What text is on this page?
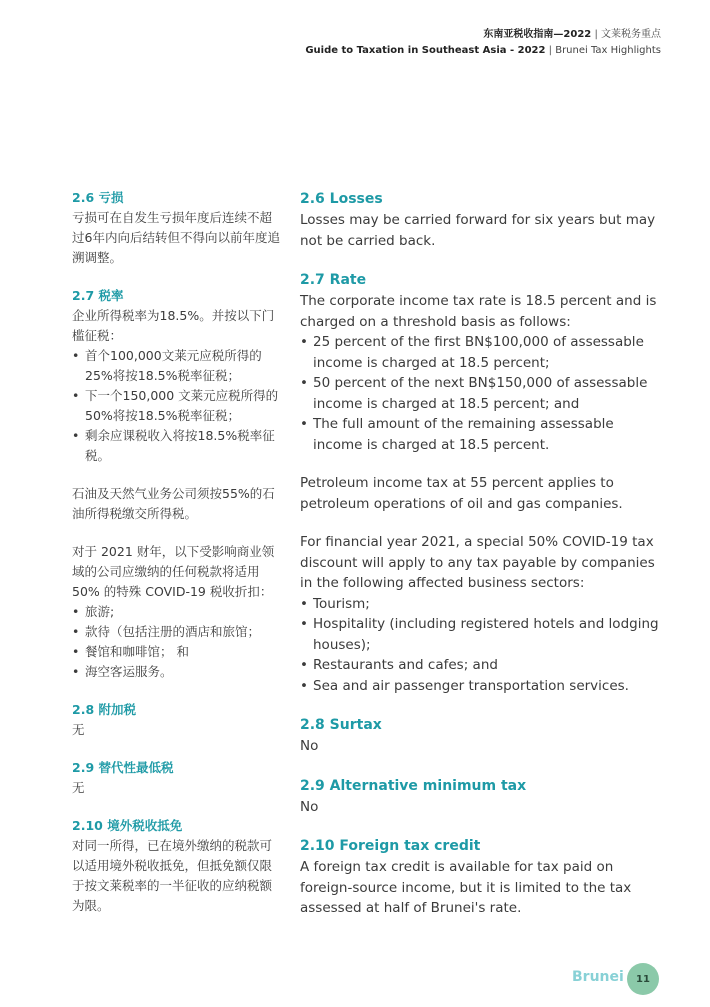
东南亚税收指南—2022 | 文莱税务重点
Guide to Taxation in Southeast Asia - 2022 | Brunei Tax Highlights

2.6 亏损

亏损可在自发生亏损年度后连续不超过6年内向后结转但不得向以前年度追溯调整。

2.7 税率

企业所得税率为18.5%。并按以下门槛征税：

• 首个100,000文莱元应税所得的25%将按18.5%税率征税；
• 下一个150,000 文莱元应税所得的50%将按18.5%税率征税；
• 剩余应课税收入将按18.5%税率征税。

石油及天然气业务公司须按55%的石油所得税缴交所得税。

对于 2021 财年，以下受影响商业领域的公司应缴纳的任何税款将适用 50% 的特殊 COVID-19 税收折扣：

• 旅游;
• 款待（包括注册的酒店和旅馆；
• 餐馆和咖啡馆； 和
• 海空客运服务。

2.8 附加税

无

2.9 替代性最低税

无

2.10 境外税收抵免

对同一所得，已在境外缴纳的税款可以适用境外税收抵免，但抵免额仅限于按文莱税率的一半征收的应纳税额为限。

2.6 Losses

Losses may be carried forward for six years but may not be carried back.

2.7 Rate

The corporate income tax rate is 18.5 percent and is charged on a threshold basis as follows:

• 25 percent of the first BN$100,000 of assessable income is charged at 18.5 percent;
• 50 percent of the next BN$150,000 of assessable income is charged at 18.5 percent; and
• The full amount of the remaining assessable income is charged at 18.5 percent.

Petroleum income tax at 55 percent applies to petroleum operations of oil and gas companies.

For financial year 2021, a special 50% COVID-19 tax discount will apply to any tax payable by companies in the following affected business sectors:

• Tourism;
• Hospitality (including registered hotels and lodging houses);
• Restaurants and cafes; and
• Sea and air passenger transportation services.

2.8 Surtax

No

2.9 Alternative minimum tax

No

2.10 Foreign tax credit

A foreign tax credit is available for tax paid on foreign-source income, but it is limited to the tax assessed at half of Brunei's rate.

Brunei 11
